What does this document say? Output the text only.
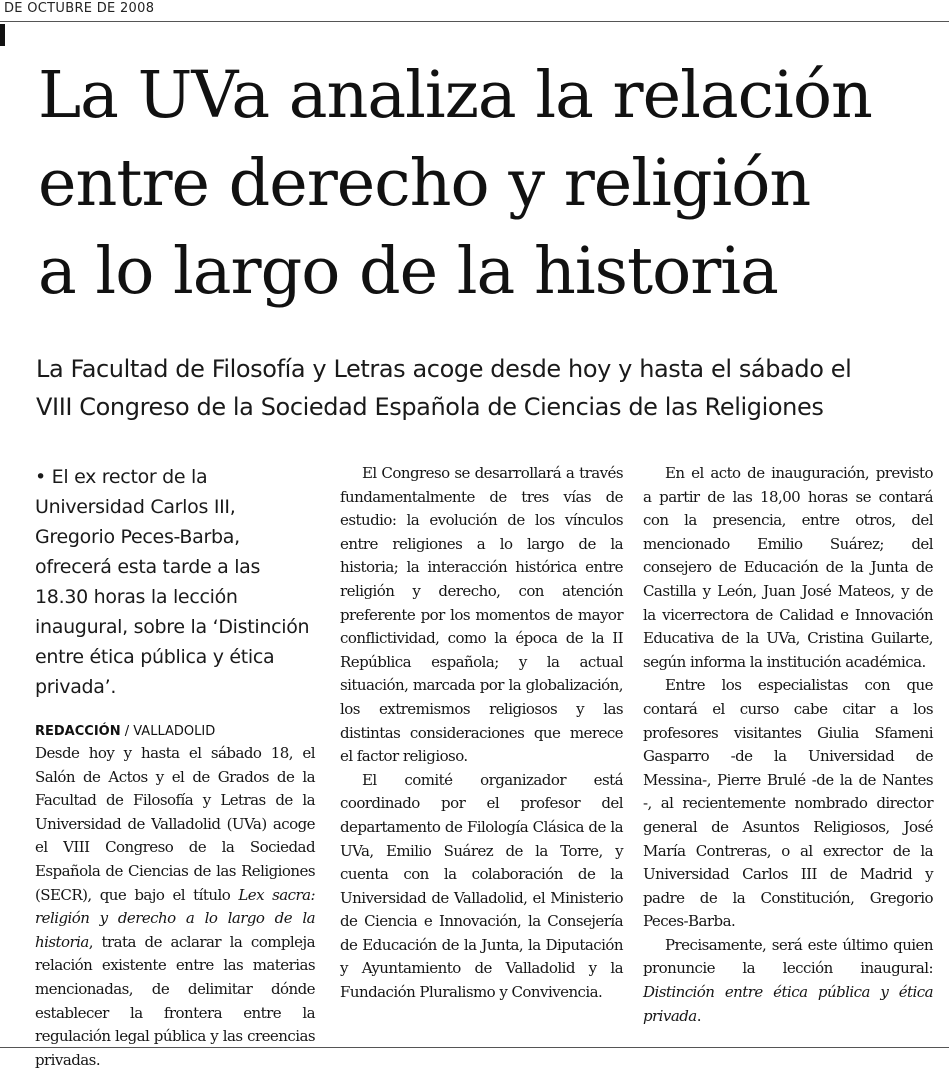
DE OCTUBRE DE 2008
La UVa analiza la relación
entre derecho y religión
a lo largo de la historia

La Facultad de Filosofía y Letras acoge desde hoy y hasta el sábado el
VIII Congreso de la Sociedad Española de Ciencias de las Religiones

• El ex rector de la Universidad Carlos III, Gregorio Peces-Barba, ofrecerá esta tarde a las 18.30 horas la lección inaugural, sobre la ‘Distinción entre ética pública y ética privada’.

REDACCIÓN / VALLADOLID

Desde hoy y hasta el sábado 18, el Salón de Actos y el de Grados de la Facultad de Filosofía y Letras de la Universidad de Valladolid (UVa) acoge el VIII Congreso de la Sociedad Española de Ciencias de las Religiones (SECR), que bajo el título Lex sacra: religión y derecho a lo largo de la historia, trata de aclarar la compleja relación existente entre las materias mencionadas, de delimitar dónde establecer la frontera entre la regulación legal pública y las creencias privadas.

El Congreso se desarrollará a través fundamentalmente de tres vías de estudio: la evolución de los vínculos entre religiones a lo largo de la historia; la interacción histórica entre religión y derecho, con atención preferente por los momentos de mayor conflictividad, como la época de la II República española; y la actual situación, marcada por la globalización, los extremismos religiosos y las distintas consideraciones que merece el factor religioso.

El comité organizador está coordinado por el profesor del departamento de Filología Clásica de la UVa, Emilio Suárez de la Torre, y cuenta con la colaboración de la Universidad de Valladolid, el Ministerio de Ciencia e Innovación, la Consejería de Educación de la Junta, la Diputación y Ayuntamiento de Valladolid y la Fundación Pluralismo y Convivencia.

En el acto de inauguración, previsto a partir de las 18,00 horas se contará con la presencia, entre otros, del mencionado Emilio Suárez; del consejero de Educación de la Junta de Castilla y León, Juan José Mateos, y de la vicerrectora de Calidad e Innovación Educativa de la UVa, Cristina Guilarte, según informa la institución académica.

Entre los especialistas con que contará el curso cabe citar a los profesores visitantes Giulia Sfameni Gasparro -de la Universidad de Messina-, Pierre Brulé -de la de Nantes -, al recientemente nombrado director general de Asuntos Religiosos, José María Contreras, o al exrector de la Universidad Carlos III de Madrid y padre de la Constitución, Gregorio Peces-Barba.

Precisamente, será este último quien pronuncie la lección inaugural: Distinción entre ética pública y ética privada.
